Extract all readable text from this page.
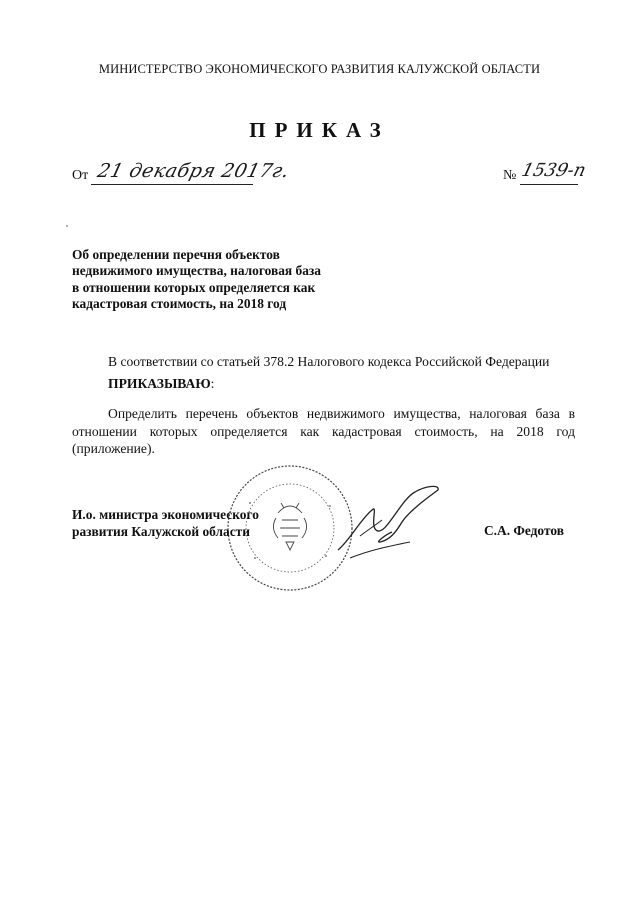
МИНИСТЕРСТВО ЭКОНОМИЧЕСКОГО РАЗВИТИЯ КАЛУЖСКОЙ ОБЛАСТИ
ПРИКАЗ
От 21 декабря 2017г.	№ 1539-п
Об определении перечня объектов
недвижимого имущества, налоговая база
в отношении которых определяется как
кадастровая стоимость, на 2018 год
В соответствии со статьей 378.2 Налогового кодекса Российской Федерации
ПРИКАЗЫВАЮ:
Определить перечень объектов недвижимого имущества, налоговая база в отношении которых определяется как кадастровая стоимость, на 2018 год (приложение).
И.о. министра экономического
развития Калужской области	С.А. Федотов
